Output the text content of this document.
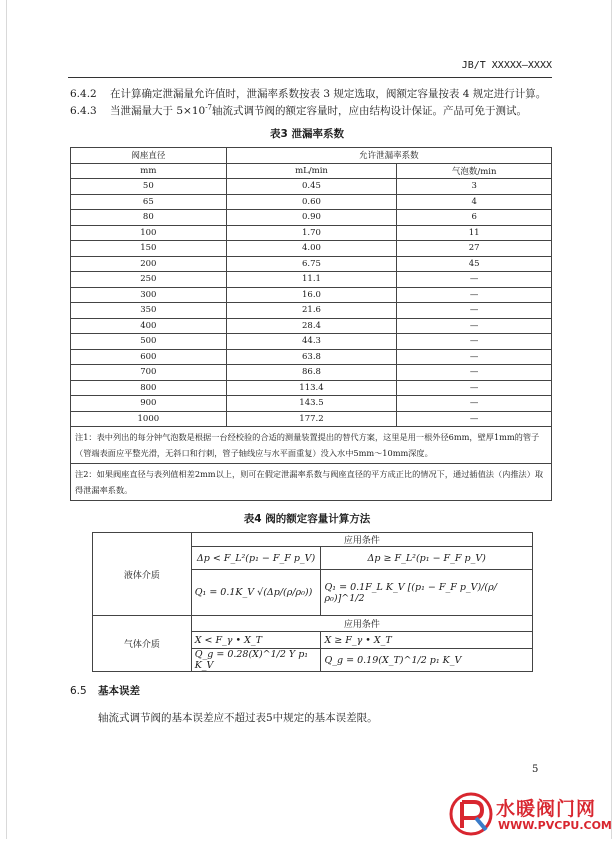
JB/T XXXXX—XXXX
6.4.2 在计算确定泄漏量允许值时，泄漏率系数按表 3 规定选取，阀额定容量按表 4 规定进行计算。
6.4.3 当泄漏量大于 $5\times 10^{-7}$轴流式调节阀的额定容量时，应由结构设计保证。产品可免于测试。
表3 泄漏率系数
阀座直径	允许泄漏率系数	
mm	mL/min	气泡数/min
50	0.45	3
65	0.60	4
80	0.90	6
100	1.70	11
150	4.00	27
200	6.75	45
250	11.1	—
300	16.0	—
350	21.6	—
400	28.4	—
500	44.3	—
600	63.8	—
700	86.8	—
800	113.4	—
900	143.5	—
1000	177.2	—
注1：表中列出的每分钟气泡数是根据一台经校验的合适的测量装置提出的替代方案，这里是用一根外径6mm，壁厚1mm的管子（管端表面应平整光滑，无斜口和行刺，管子轴线应与水平面重复）没入水中5mm～10mm深度。		
注2：如果阀座直径与表列值相差2mm以上，则可在假定泄漏率系数与阀座直径的平方成正比的情况下，通过插值法（内推法）取得泄漏率系数。		
表4 阀的额定容量计算方法
液体介质	应用条件	
	Δp < F_L²(p₁ − F_F p_V)	Δp ≥ F_L²(p₁ − F_F p_V)
	Q₁ = 0.1K_V √(Δp/(ρ/ρ₀))	Q₁ = 0.1F_L K_V [(p₁ − F_F p_V)/(ρ/ρ₀)]^1/2
气体介质	应用条件	
	X < F_γ • X_T	X ≥ F_γ • X_T
	Q_g = 0.28(X)^1/2 Y p₁ K_V	Q_g = 0.19(X_T)^1/2 p₁ K_V
6.5 基本误差
轴流式调节阀的基本误差应不超过表5中规定的基本误差限。
5
水暖阀门网
WWW.PVCPU.COM
